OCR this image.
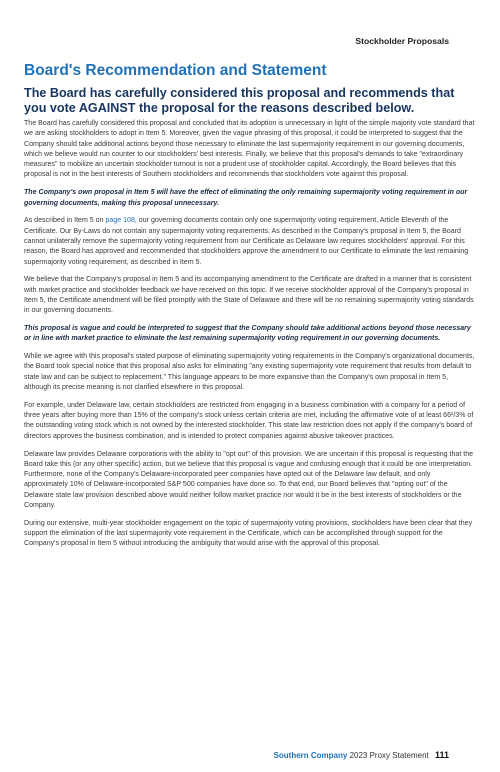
Stockholder Proposals
Board's Recommendation and Statement
The Board has carefully considered this proposal and recommends that you vote AGAINST the proposal for the reasons described below.

The Board has carefully considered this proposal and concluded that its adoption is unnecessary in light of the simple majority vote standard that we are asking stockholders to adopt in Item 5. Moreover, given the vague phrasing of this proposal, it could be interpreted to suggest that the Company should take additional actions beyond those necessary to eliminate the last supermajority requirement in our governing documents, which we believe would run counter to our stockholders' best interests. Finally, we believe that this proposal's demands to take "extraordinary measures" to mobilize an uncertain stockholder turnout is not a prudent use of stockholder capital. Accordingly, the Board believes that this proposal is not in the best interests of Southern stockholders and recommends that stockholders vote against this proposal.

The Company's own proposal in Item 5 will have the effect of eliminating the only remaining supermajority voting requirement in our governing documents, making this proposal unnecessary.

As described in Item 5 on page 108, our governing documents contain only one supermajority voting requirement, Article Eleventh of the Certificate. Our By-Laws do not contain any supermajority voting requirements. As described in the Company's proposal in Item 5, the Board cannot unilaterally remove the supermajority voting requirement from our Certificate as Delaware law requires stockholders' approval. For this reason, the Board has approved and recommended that stockholders approve the amendment to our Certificate to eliminate the last remaining supermajority voting requirement, as described in Item 5.

We believe that the Company's proposal in Item 5 and its accompanying amendment to the Certificate are drafted in a manner that is consistent with market practice and stockholder feedback we have received on this topic. If we receive stockholder approval of the Company's proposal in Item 5, the Certificate amendment will be filed promptly with the State of Delaware and there will be no remaining supermajority voting standards in our governing documents.

This proposal is vague and could be interpreted to suggest that the Company should take additional actions beyond those necessary or in line with market practice to eliminate the last remaining supermajority voting requirement in our governing documents.

While we agree with this proposal's stated purpose of eliminating supermajority voting requirements in the Company's organizational documents, the Board took special notice that this proposal also asks for eliminating "any existing supermajority vote requirement that results from default to state law and can be subject to replacement." This language appears to be more expansive than the Company's own proposal in Item 5, although its precise meaning is not clarified elsewhere in this proposal.

For example, under Delaware law, certain stockholders are restricted from engaging in a business combination with a company for a period of three years after buying more than 15% of the company's stock unless certain criteria are met, including the affirmative vote of at least 66²/3% of the outstanding voting stock which is not owned by the interested stockholder. This state law restriction does not apply if the company's board of directors approves the business combination, and is intended to protect companies against abusive takeover practices.

Delaware law provides Delaware corporations with the ability to "opt out" of this provision. We are uncertain if this proposal is requesting that the Board take this (or any other specific) action, but we believe that this proposal is vague and confusing enough that it could be one interpretation. Furthermore, none of the Company's Delaware-incorporated peer companies have opted out of the Delaware law default, and only approximately 10% of Delaware-incorporated S&P 500 companies have done so. To that end, our Board believes that "opting out" of the Delaware state law provision described above would neither follow market practice nor would it be in the best interests of stockholders or the Company.

During our extensive, multi-year stockholder engagement on the topic of supermajority voting provisions, stockholders have been clear that they support the elimination of the last supermajority vote requirement in the Certificate, which can be accomplished through support for the Company's proposal in Item 5 without introducing the ambiguity that would arise with the approval of this proposal.

Southern Company 2023 Proxy Statement 111
